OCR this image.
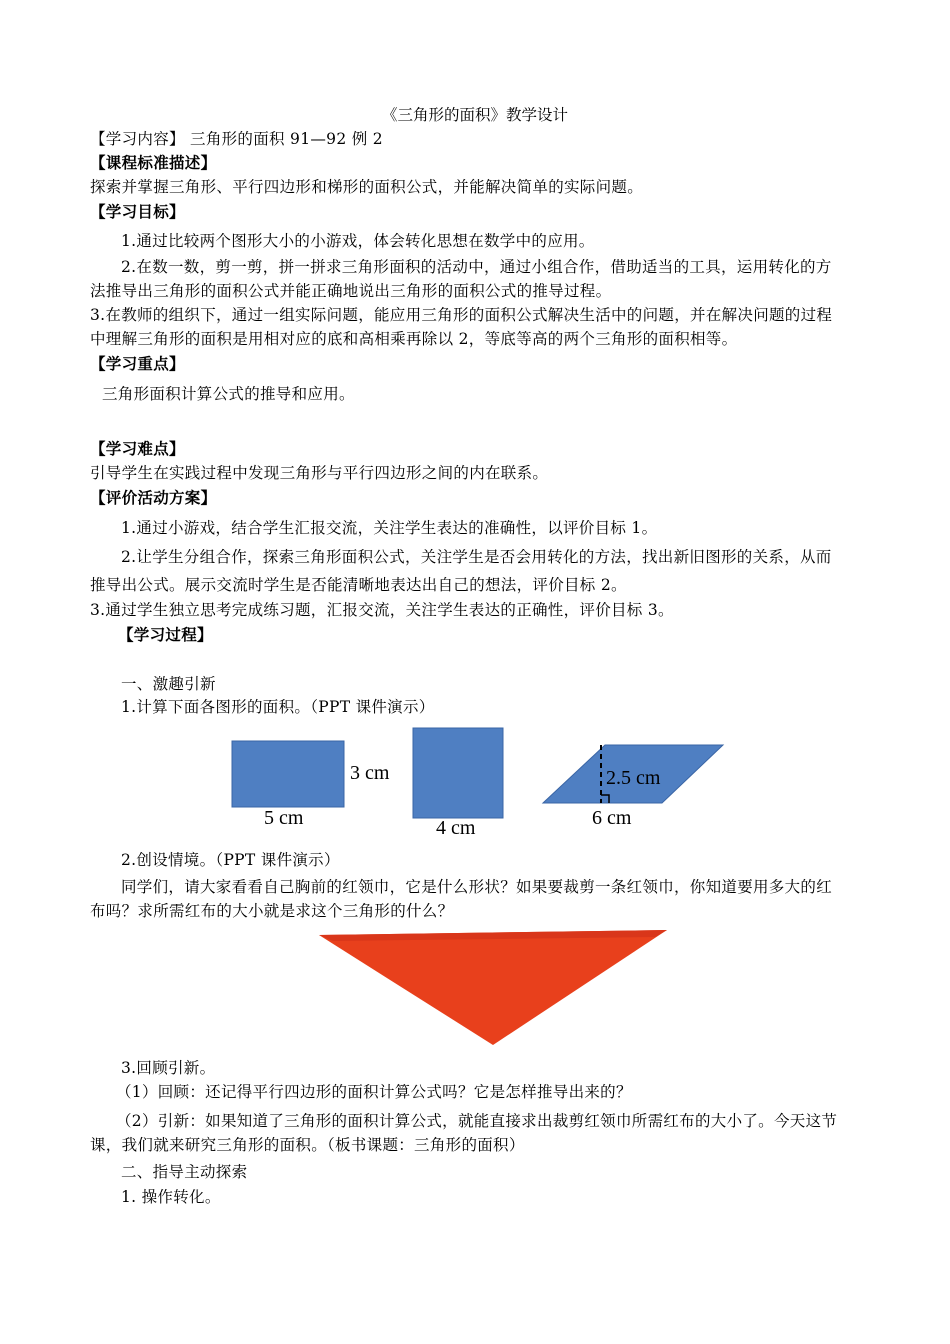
《三角形的面积》教学设计
【学习内容】 三角形的面积 91—92 例 2
【课程标准描述】
探索并掌握三角形、平行四边形和梯形的面积公式，并能解决简单的实际问题。
【学习目标】
1.通过比较两个图形大小的小游戏，体会转化思想在数学中的应用。
2.在数一数，剪一剪，拼一拼求三角形面积的活动中，通过小组合作，借助适当的工具，运用转化的方
法推导出三角形的面积公式并能正确地说出三角形的面积公式的推导过程。
3.在教师的组织下，通过一组实际问题，能应用三角形的面积公式解决生活中的问题，并在解决问题的过程
中理解三角形的面积是用相对应的底和高相乘再除以 2，等底等高的两个三角形的面积相等。
【学习重点】
三角形面积计算公式的推导和应用。
【学习难点】
引导学生在实践过程中发现三角形与平行四边形之间的内在联系。
【评价活动方案】
1.通过小游戏，结合学生汇报交流，关注学生表达的准确性，以评价目标 1。
2.让学生分组合作，探索三角形面积公式，关注学生是否会用转化的方法，找出新旧图形的关系，从而
推导出公式。展示交流时学生是否能清晰地表达出自己的想法，评价目标 2。
3.通过学生独立思考完成练习题，汇报交流，关注学生表达的正确性，评价目标 3。
【学习过程】
一、激趣引新
1.计算下面各图形的面积。（PPT 课件演示）
3 cm
5 cm	4 cm
2.5 cm
6 cm
2.创设情境。（PPT 课件演示）
同学们，请大家看看自己胸前的红领巾，它是什么形状？如果要裁剪一条红领巾，你知道要用多大的红
布吗？求所需红布的大小就是求这个三角形的什么？
3.回顾引新。
（1）回顾：还记得平行四边形的面积计算公式吗？它是怎样推导出来的？
（2）引新：如果知道了三角形的面积计算公式，就能直接求出裁剪红领巾所需红布的大小了。今天这节
课，我们就来研究三角形的面积。（板书课题：三角形的面积）
二、指导主动探索
1. 操作转化。
